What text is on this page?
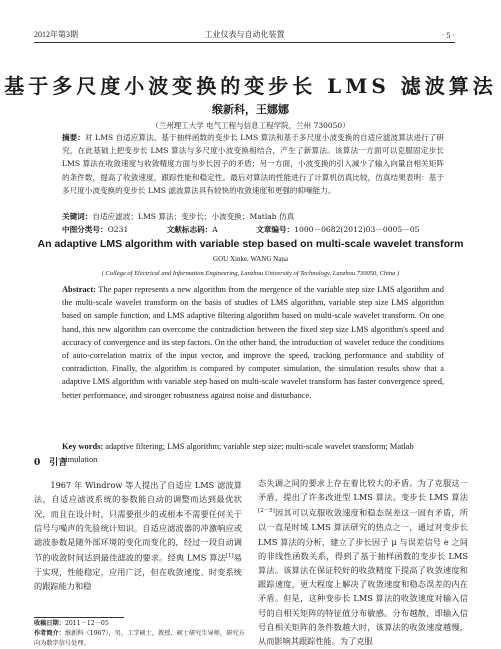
2012年第3期	工业仪表与自动化装置	· 5 ·
基于多尺度小波变换的变步长 LMS 滤波算法
缑新科，王娜娜
（兰州理工大学 电气工程与信息工程学院，兰州 730050）
摘要：对 LMS 自适应算法、基于抽样函数的变步长 LMS 算法和基于多尺度小波变换的自适应滤波算法进行了研究，在此基础上把变步长 LMS 算法与多尺度小波变换相结合，产生了新算法。该算法一方面可以克服固定步长 LMS 算法在收敛速度与收敛精度方面与步长因子的矛盾；另一方面，小波变换的引入减少了输入向量自相关矩阵的条件数，提高了收敛速度，跟踪性能和稳定性。最后对算法的性能进行了计算机仿真比较，仿真结果表明：基于多尺度小波变换的变步长 LMS 滤波算法具有较快的收敛速度和更强的抑噪能力。
关键词：自适应滤波；LMS 算法；变步长；小波变换；Matlab 仿真
中图分类号：O231	文献标志码：A	文章编号：1000－0682(2012)03－0005－05
An adaptive LMS algorithm with variable step based on multi-scale wavelet transform
GOU Xinke, WANG Nana
( College of Electrical and Information Engineering, Lanzhou University of Technology, Lanzhou 730050, China )
Abstract: The paper represents a new algorithm from the mergence of the variable step size LMS algorithm and the multi-scale wavelet transform on the basis of studies of LMS algorithm, variable step size LMS algorithm based on sample function, and LMS adaptive filtering algorithm based on multi-scale wavelet transform. On one hand, this new algorithm can overcome the contradiction between the fixed step size LMS algorithm's speed and accuracy of convergence and its step factors. On the other hand, the introduction of wavelet reduce the conditions of auto-correlation matrix of the input vector, and improve the speed, tracking performance and stability of contradiction. Finally, the algorithm is compared by computer simulation, the simulation results show that a adaptive LMS algorithm with variable step based on multi-scale wavelet transform has faster convergence speed, better performance, and stronger robustness against noise and disturbance.
Key words: adaptive filtering; LMS algorithm; variable step size; multi-scale wavelet transform; Matlab simulation
0　引言

1967 年 Windrow 等人提出了自适应 LMS 滤波算法，自适应滤波系统的参数能自动的调整而达到最优状况，而且在设计时，只需要很少的或根本不需要任何关于信号与噪声的先验统计知识。自适应滤波器的冲激响应或滤波参数是随外部环境的变化而变化的，经过一段自动调节的收敛时间达到最佳滤波的要求。经典 LMS 算法[1]易于实现，性能稳定，应用广泛，但在收敛速度、时变系统的跟踪能力和稳

态失调之间的要求上存在着比较大的矛盾。为了克服这一矛盾，提出了许多改进型 LMS 算法。变步长 LMS 算法[2－5]因其可以克服收敛速度和稳态误差这一固有矛盾，所以一直是时域 LMS 算法研究的热点之一，通过对变步长 LMS 算法的分析，建立了步长因子 μ 与误差信号 e 之间的非线性函数关系，得到了基于抽样函数的变步长 LMS 算法。该算法在保证较好的收敛精度下提高了收敛速度和跟踪速度，更大程度上解决了收敛速度和稳态误差的内在矛盾。但是，这种变步长 LMS 算法的收敛速度对输入信号的自相关矩阵的特征值分布敏感。分布越散，即输入信号自相关矩阵的条件数越大时，该算法的收敛速度越慢，从而影响其跟踪性能。为了克服

收稿日期：2011－12－05
作者简介：缑新科（1967），男，工学硕士，教授，硕士研究生导师，研究方向为数字信号处理。
